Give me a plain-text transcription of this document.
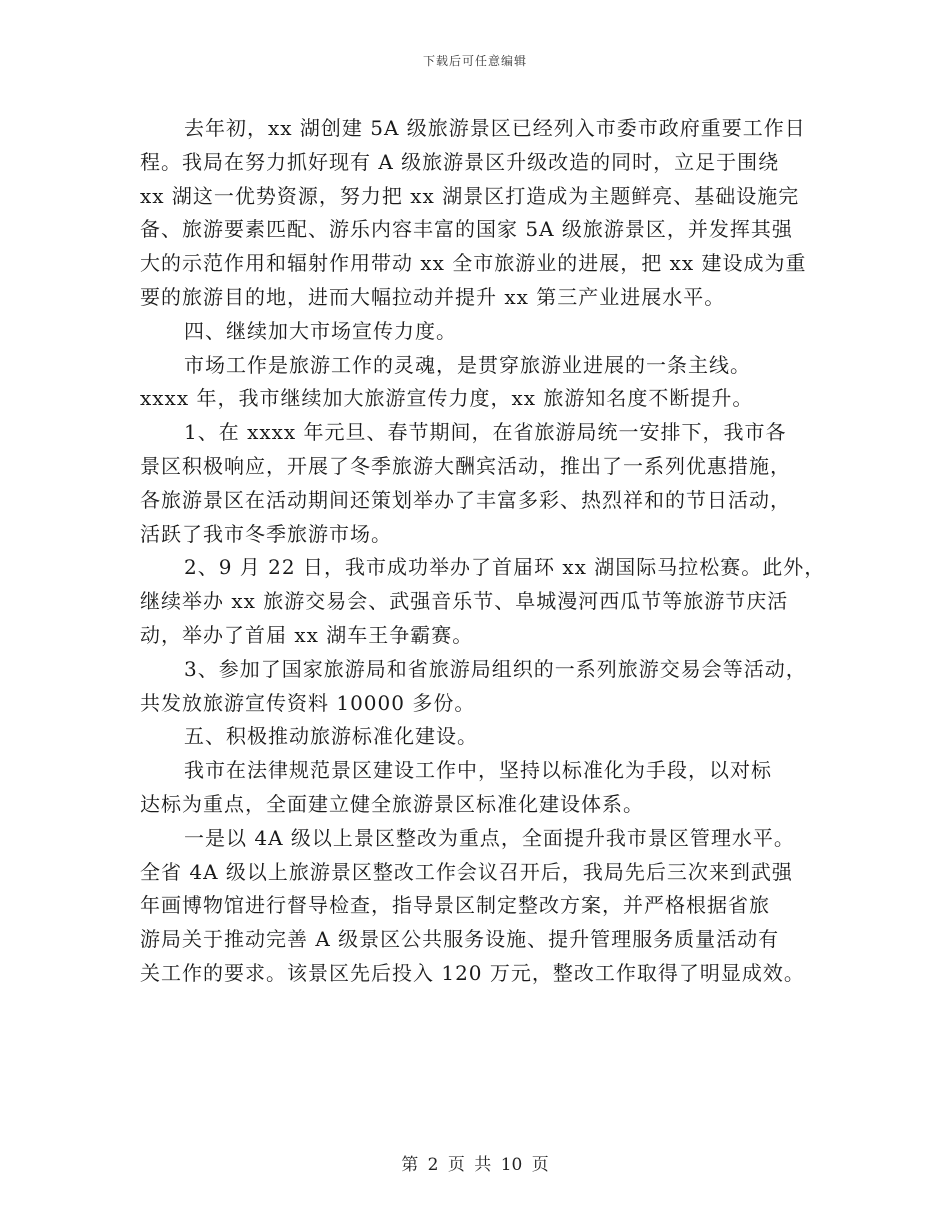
下载后可任意编辑
去年初，xx 湖创建 5A 级旅游景区已经列入市委市政府重要工作日
程。我局在努力抓好现有 A 级旅游景区升级改造的同时，立足于围绕
xx 湖这一优势资源，努力把 xx 湖景区打造成为主题鲜亮、基础设施完
备、旅游要素匹配、游乐内容丰富的国家 5A 级旅游景区，并发挥其强
大的示范作用和辐射作用带动 xx 全市旅游业的进展，把 xx 建设成为重
要的旅游目的地，进而大幅拉动并提升 xx 第三产业进展水平。
四、继续加大市场宣传力度。
市场工作是旅游工作的灵魂，是贯穿旅游业进展的一条主线。
xxxx 年，我市继续加大旅游宣传力度，xx 旅游知名度不断提升。
1、在 xxxx 年元旦、春节期间，在省旅游局统一安排下，我市各
景区积极响应，开展了冬季旅游大酬宾活动，推出了一系列优惠措施，
各旅游景区在活动期间还策划举办了丰富多彩、热烈祥和的节日活动，
活跃了我市冬季旅游市场。
2、9 月 22 日，我市成功举办了首届环 xx 湖国际马拉松赛。此外，
继续举办 xx 旅游交易会、武强音乐节、阜城漫河西瓜节等旅游节庆活
动，举办了首届 xx 湖车王争霸赛。
3、参加了国家旅游局和省旅游局组织的一系列旅游交易会等活动，
共发放旅游宣传资料 10000 多份。
五、积极推动旅游标准化建设。
我市在法律规范景区建设工作中，坚持以标准化为手段，以对标
达标为重点，全面建立健全旅游景区标准化建设体系。
一是以 4A 级以上景区整改为重点，全面提升我市景区管理水平。
全省 4A 级以上旅游景区整改工作会议召开后，我局先后三次来到武强
年画博物馆进行督导检查，指导景区制定整改方案，并严格根据省旅
游局关于推动完善 A 级景区公共服务设施、提升管理服务质量活动有
关工作的要求。该景区先后投入 120 万元，整改工作取得了明显成效。
第 2 页 共 10 页
